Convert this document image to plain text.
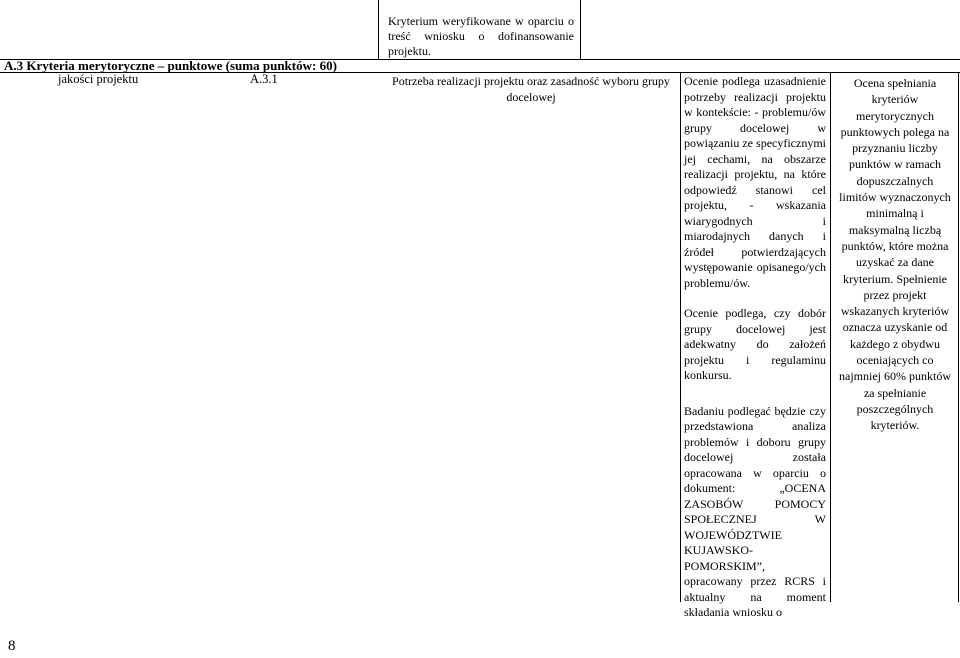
Kryterium weryfikowane w oparciu o treść wniosku o dofinansowanie projektu.
A.3 Kryteria merytoryczne – punktowe (suma punktów: 60)
jakości projektu	A.3.1	Potrzeba realizacji projektu oraz zasadność wyboru grupy docelowej
Ocenie podlega uzasadnienie potrzeby realizacji projektu w kontekście: - problemu/ów grupy docelowej w powiązaniu ze specyficznymi jej cechami, na obszarze realizacji projektu, na które odpowiedź stanowi cel projektu, - wskazania wiarygodnych i miarodajnych danych i źródeł potwierdzających występowanie opisanego/ych problemu/ów.
Ocenie podlega, czy dobór grupy docelowej jest adekwatny do założeń projektu i regulaminu konkursu.
Badaniu podlegać będzie czy przedstawiona analiza problemów i doboru grupy docelowej została opracowana w oparciu o dokument: „OCENA ZASOBÓW POMOCY SPOŁECZNEJ W WOJEWÓDZTWIE KUJAWSKO-POMORSKIM”, opracowany przez RCRS i aktualny na moment składania wniosku o
Ocena spełniania kryteriów merytorycznych punktowych polega na przyznaniu liczby punktów w ramach dopuszczalnych limitów wyznaczonych minimalną i maksymalną liczbą punktów, które można uzyskać za dane kryterium. Spełnienie przez projekt wskazanych kryteriów oznacza uzyskanie od każdego z obydwu oceniających co najmniej 60% punktów za spełnianie poszczególnych kryteriów.
8
